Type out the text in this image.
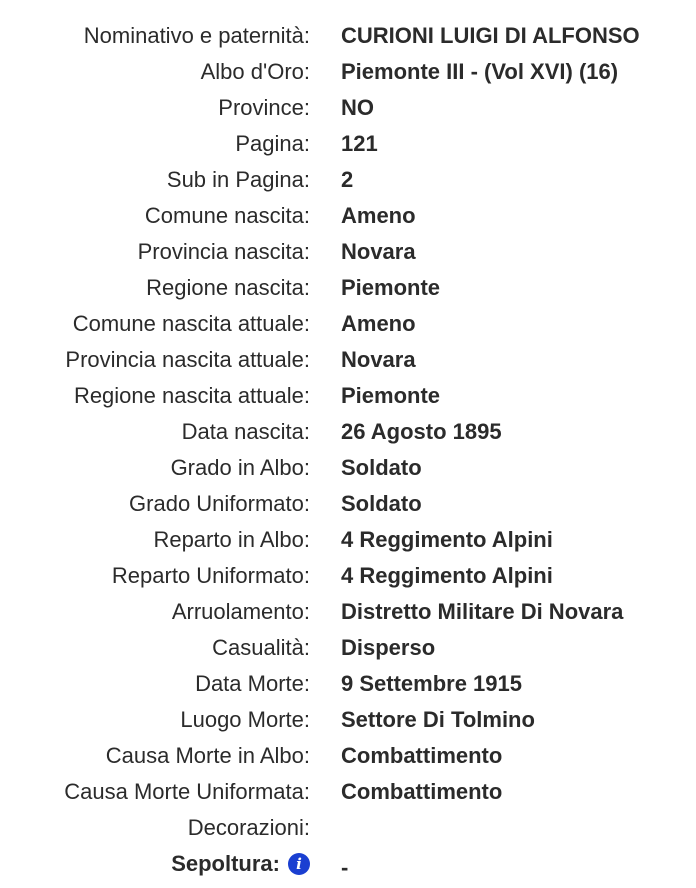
Nominativo e paternità: CURIONI LUIGI DI ALFONSO
Albo d'Oro: Piemonte III - (Vol XVI) (16)
Province: NO
Pagina: 121
Sub in Pagina: 2
Comune nascita: Ameno
Provincia nascita: Novara
Regione nascita: Piemonte
Comune nascita attuale: Ameno
Provincia nascita attuale: Novara
Regione nascita attuale: Piemonte
Data nascita: 26 Agosto 1895
Grado in Albo: Soldato
Grado Uniformato: Soldato
Reparto in Albo: 4 Reggimento Alpini
Reparto Uniformato: 4 Reggimento Alpini
Arruolamento: Distretto Militare Di Novara
Casualità: Disperso
Data Morte: 9 Settembre 1915
Luogo Morte: Settore Di Tolmino
Causa Morte in Albo: Combattimento
Causa Morte Uniformata: Combattimento
Decorazioni:
Sepoltura:	i	-
